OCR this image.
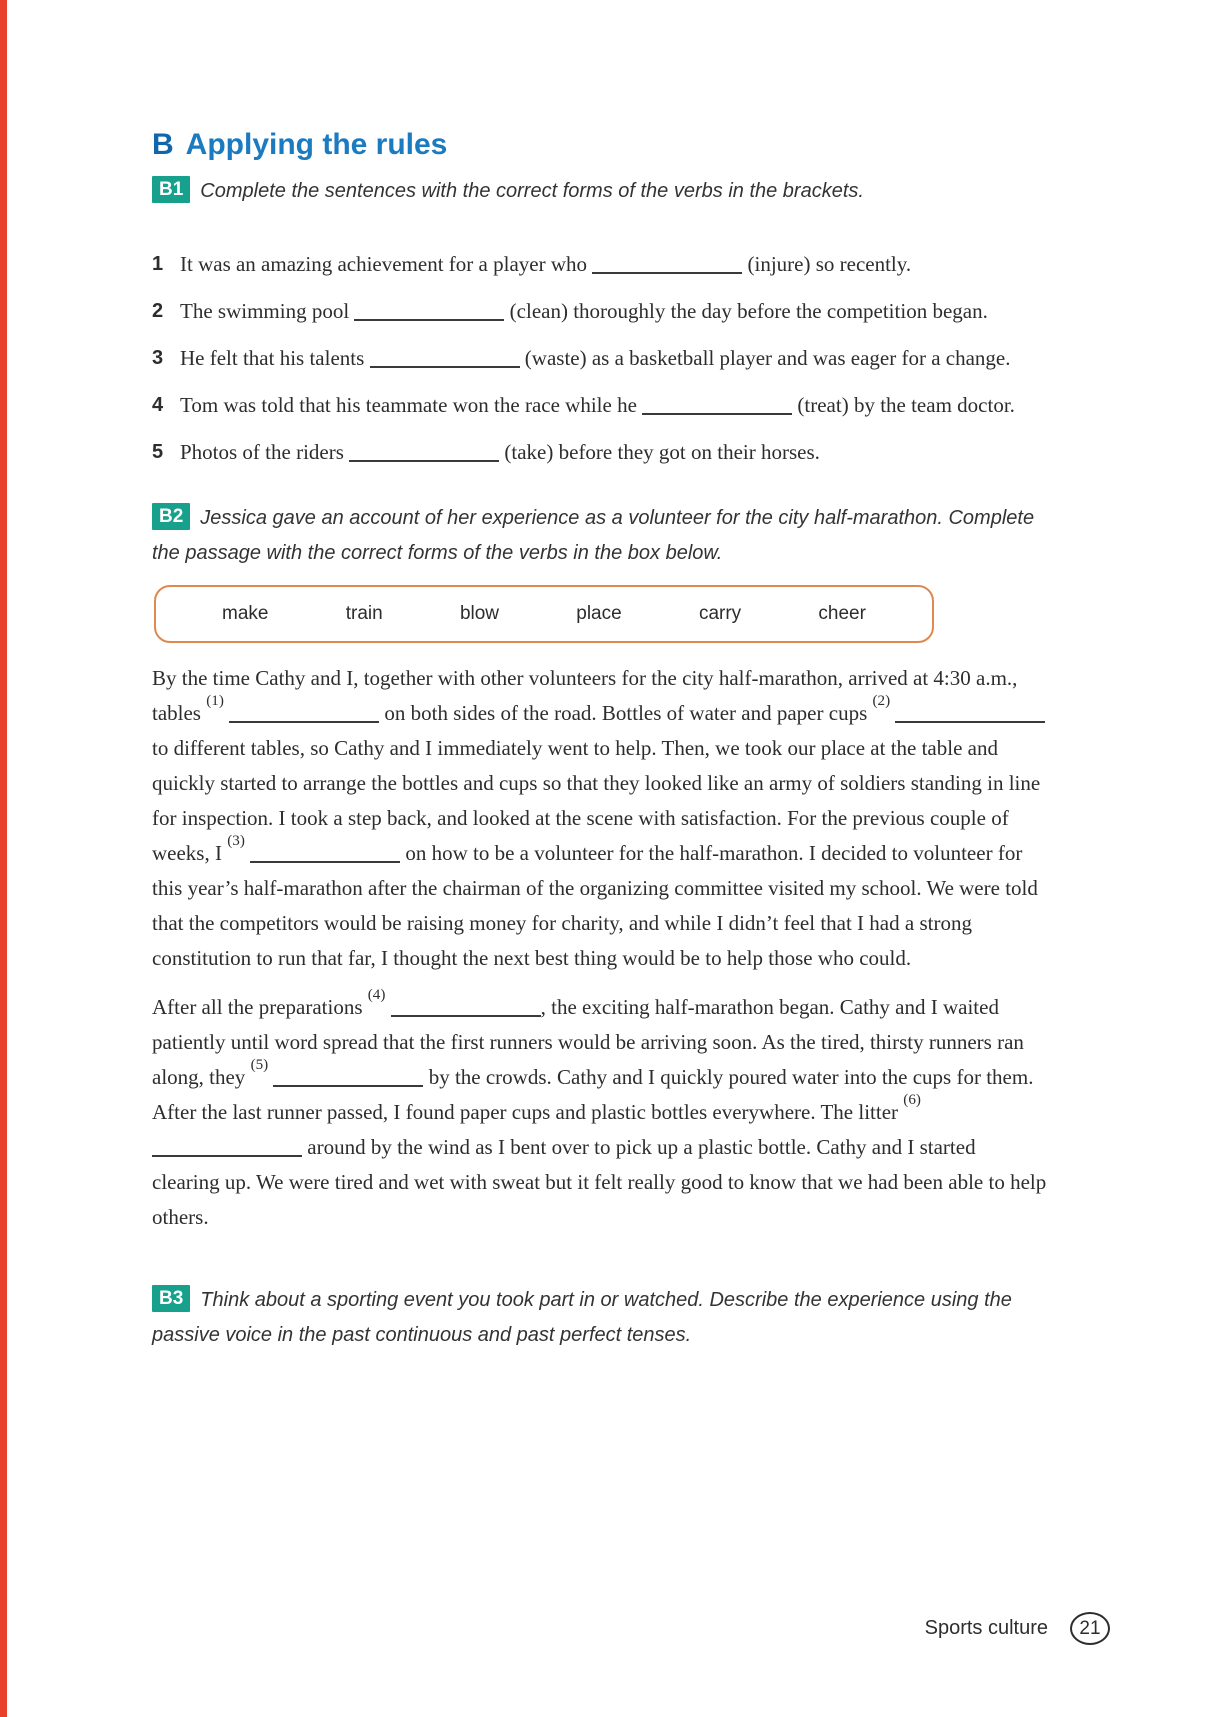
B Applying the rules

B1 Complete the sentences with the correct forms of the verbs in the brackets.

1 It was an amazing achievement for a player who	(injure) so recently.
2 The swimming pool	(clean) thoroughly the day before the competition began.
3 He felt that his talents	(waste) as a basketball player and was eager for a change.
4 Tom was told that his teammate won the race while he	(treat) by the team doctor.
5 Photos of the riders	(take) before they got on their horses.

B2 Jessica gave an account of her experience as a volunteer for the city half-marathon. Complete the passage with the correct forms of the verbs in the box below.

make	train	blow	place	carry	cheer

By the time Cathy and I, together with other volunteers for the city half-marathon, arrived at 4:30 a.m., tables $^{(1)}$	on both sides of the road. Bottles of water and paper cups $^{(2)}$  to different tables, so Cathy and I immediately went to help. Then, we took our place at the table and quickly started to arrange the bottles and cups so that they looked like an army of soldiers standing in line for inspection. I took a step back, and looked at the scene with satisfaction. For the previous couple of weeks, I $^{(3)}$	on how to be a volunteer for the half-marathon. I decided to volunteer for this year’s half-marathon after the chairman of the organizing committee visited my school. We were told that the competitors would be raising money for charity, and while I didn’t feel that I had a strong constitution to run that far, I thought the next best thing would be to help those who could.

After all the preparations $^{(4)}$	, the exciting half-marathon began. Cathy and I waited patiently until word spread that the first runners would be arriving soon. As the tired, thirsty runners ran along, they $^{(5)}$	by the crowds. Cathy and I quickly poured water into the cups for them. After the last runner passed, I found paper cups and plastic bottles everywhere. The litter $^{(6)}$  around by the wind as I bent over to pick up a plastic bottle. Cathy and I started clearing up. We were tired and wet with sweat but it felt really good to know that we had been able to help others.

B3 Think about a sporting event you took part in or watched. Describe the experience using the passive voice in the past continuous and past perfect tenses.

Sports culture	21
